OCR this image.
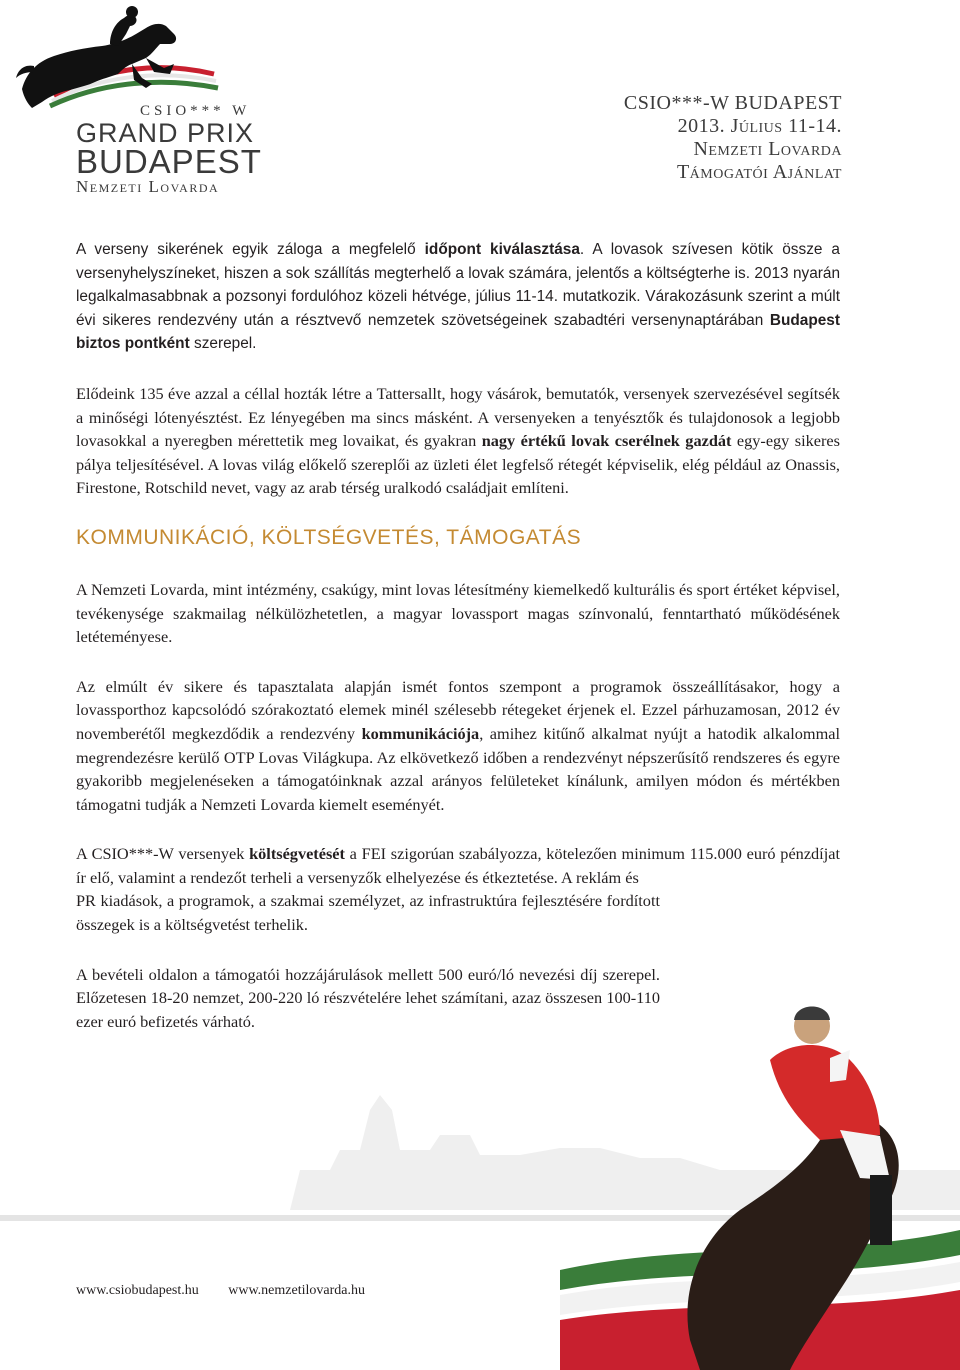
CSIO*** W
GRAND PRIX
BUDAPEST
Nemzeti Lovarda
CSIO***-W BUDAPEST
2013. Július 11-14.
Nemzeti Lovarda
Támogatói Ajánlat

A verseny sikerének egyik záloga a megfelelő időpont kiválasztása. A lovasok szívesen kötik össze a versenyhelyszíneket, hiszen a sok szállítás megterhelő a lovak számára, jelentős a költségterhe is. 2013 nyarán legalkalmasabbnak a pozsonyi fordulóhoz közeli hétvége, július 11-14. mutatkozik. Várakozásunk szerint a múlt évi sikeres rendezvény után a résztvevő nemzetek szövetségeinek szabadtéri versenynaptárában Budapest biztos pontként szerepel.

Elődeink 135 éve azzal a céllal hozták létre a Tattersallt, hogy vásárok, bemutatók, versenyek szervezésével segítsék a minőségi lótenyésztést. Ez lényegében ma sincs másként. A versenyeken a tenyésztők és tulajdonosok a legjobb lovasokkal a nyeregben mérettetik meg lovaikat, és gyakran nagy értékű lovak cserélnek gazdát egy-egy sikeres pálya teljesítésével. A lovas világ előkelő szereplői az üzleti élet legfelső rétegét képviselik, elég például az Onassis, Firestone, Rotschild nevet, vagy az arab térség uralkodó családjait említeni.

KOMMUNIKÁCIÓ, KÖLTSÉGVETÉS, TÁMOGATÁS

A Nemzeti Lovarda, mint intézmény, csakúgy, mint lovas létesítmény kiemelkedő kulturális és sport értéket képvisel, tevékenysége szakmailag nélkülözhetetlen, a magyar lovassport magas színvonalú, fenntartható működésének letéteményese.

Az elmúlt év sikere és tapasztalata alapján ismét fontos szempont a programok összeállításakor, hogy a lovassporthoz kapcsolódó szórakoztató elemek minél szélesebb rétegeket érjenek el. Ezzel párhuzamosan, 2012 év novemberétől megkezdődik a rendezvény kommunikációja, amihez kitűnő alkalmat nyújt a hatodik alkalommal megrendezésre kerülő OTP Lovas Világkupa. Az elkövetkező időben a rendezvényt népszerűsítő rendszeres és egyre gyakoribb megjelenéseken a támogatóinknak azzal arányos felületeket kínálunk, amilyen módon és mértékben támogatni tudják a Nemzeti Lovarda kiemelt eseményét.

A CSIO***-W versenyek költségvetését a FEI szigorúan szabályozza, kötelezően minimum 115.000 euró pénzdíjat ír elő, valamint a rendezőt terheli a versenyzők elhelyezése és étkeztetése. A reklám és
PR kiadások, a programok, a szakmai személyzet, az infrastruktúra fejlesztésére fordított összegek is a költségvetést terhelik.

A bevételi oldalon a támogatói hozzájárulások mellett 500 euró/ló nevezési díj szerepel. Előzetesen 18-20 nemzet, 200-220 ló részvételére lehet számítani, azaz összesen 100-110 ezer euró befizetés várható.

www.csiobudapest.hu www.nemzetilovarda.hu
